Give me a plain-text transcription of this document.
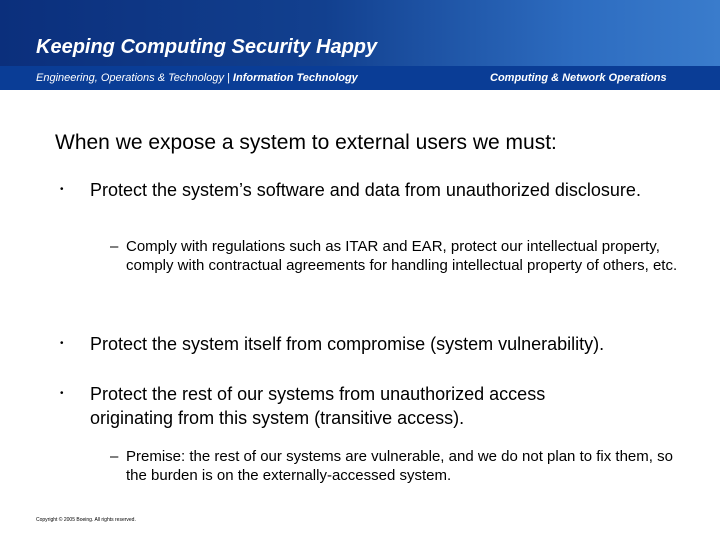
Keeping Computing Security Happy
Engineering, Operations & Technology | Information Technology	Computing & Network Operations
When we expose a system to external users we must:
• Protect the system’s software and data from unauthorized disclosure.
– Comply with regulations such as ITAR and EAR, protect our intellectual property, comply with contractual agreements for handling intellectual property of others, etc.
• Protect the system itself from compromise (system vulnerability).
• Protect the rest of our systems from unauthorized access originating from this system (transitive access).
– Premise: the rest of our systems are vulnerable, and we do not plan to fix them, so the burden is on the externally-accessed system.
Copyright © 2005 Boeing. All rights reserved.
